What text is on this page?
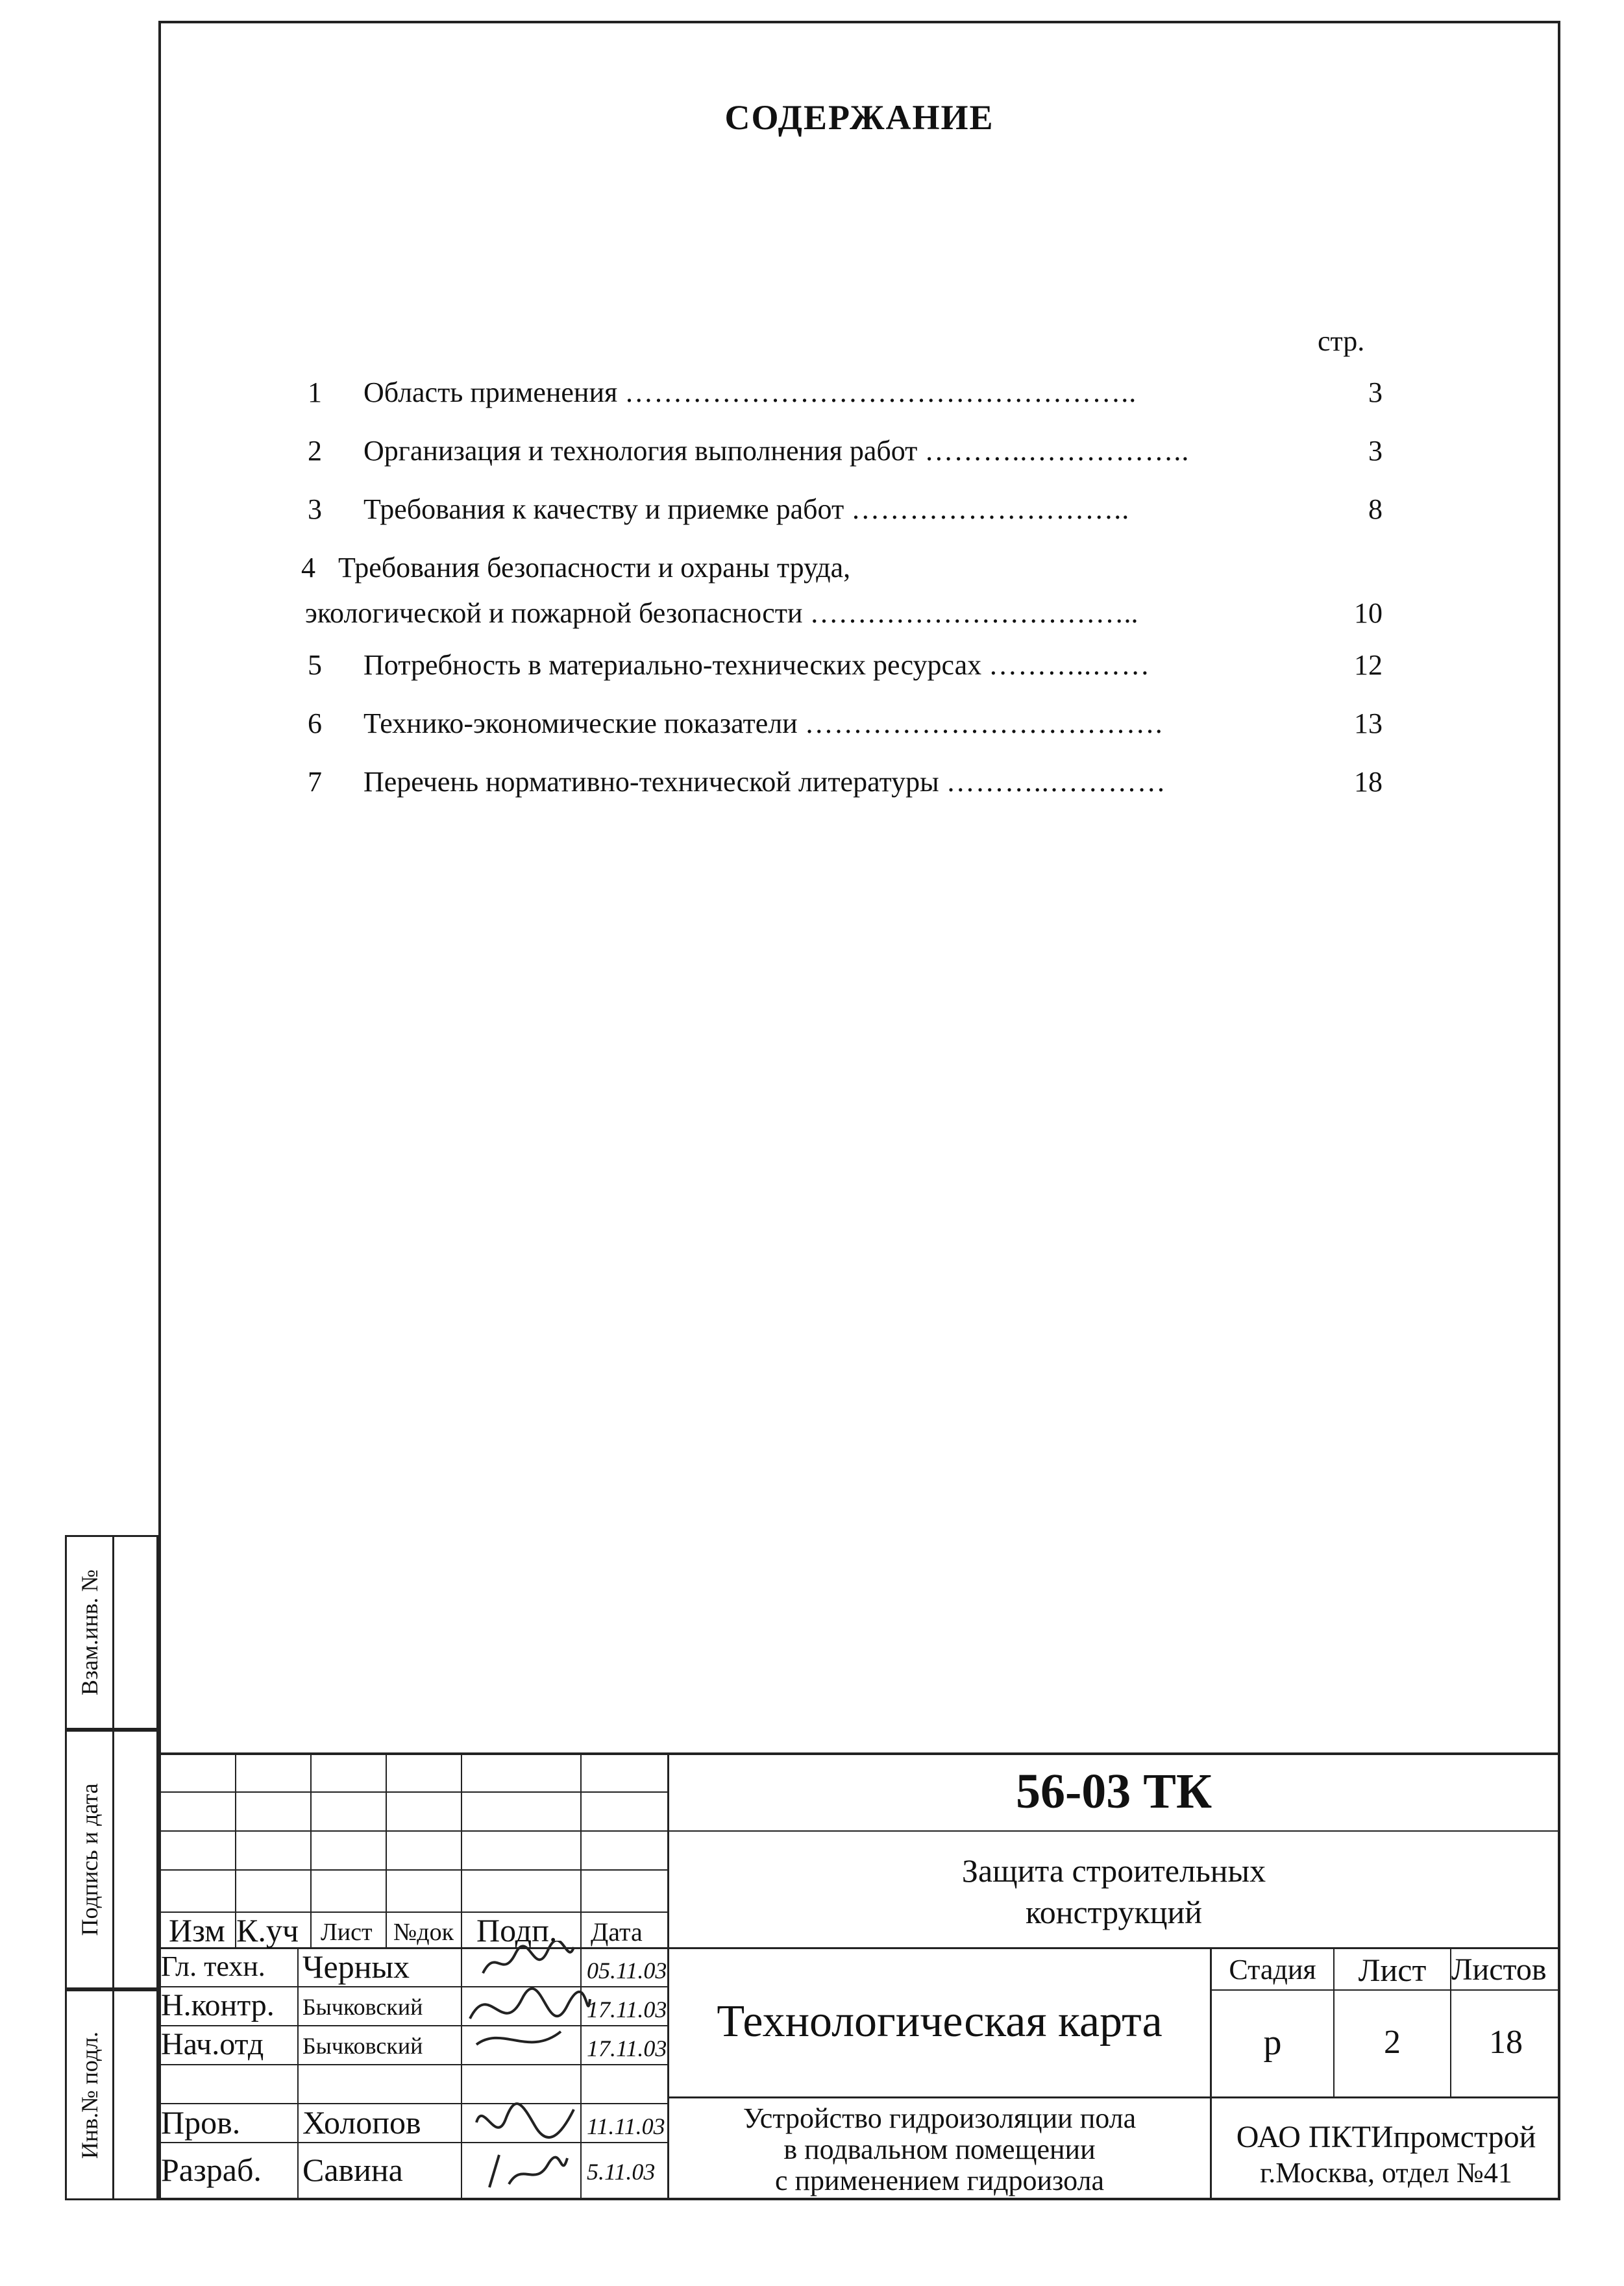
СОДЕРЖАНИЕ
стр.
1 Область применения ……………………………………………..	3
2 Организация и технология выполнения работ ………..……………..	3
3 Требования к качеству и приемке работ ………………………..	8
4 Требования безопасности и охраны труда,
экологической и пожарной безопасности ……………………………..	10
5 Потребность в материально-технических ресурсах ………..……	12
6 Технико-экономические показатели ……………………………….	13
7 Перечень нормативно-технической литературы ………..…………	18
Взам.инв. №
Подпись и дата
Инв.№ подл.
Изм К.уч Лист №док Подп. Дата
56-03 ТК
Защита строительных
конструкций
Технологическая карта
Стадия	Лист Листов
р	2	18
Устройство гидроизоляции пола
в подвальном помещении
с применением гидроизола
ОАО ПКТИпромстрой
г.Москва, отдел №41
Гл. техн. Черных	05.11.03
Н.контр. Бычковский	17.11.03
Нач.отд Бычковский	17.11.03
Пров. Холопов	11.11.03
Разраб. Савина	5.11.03
